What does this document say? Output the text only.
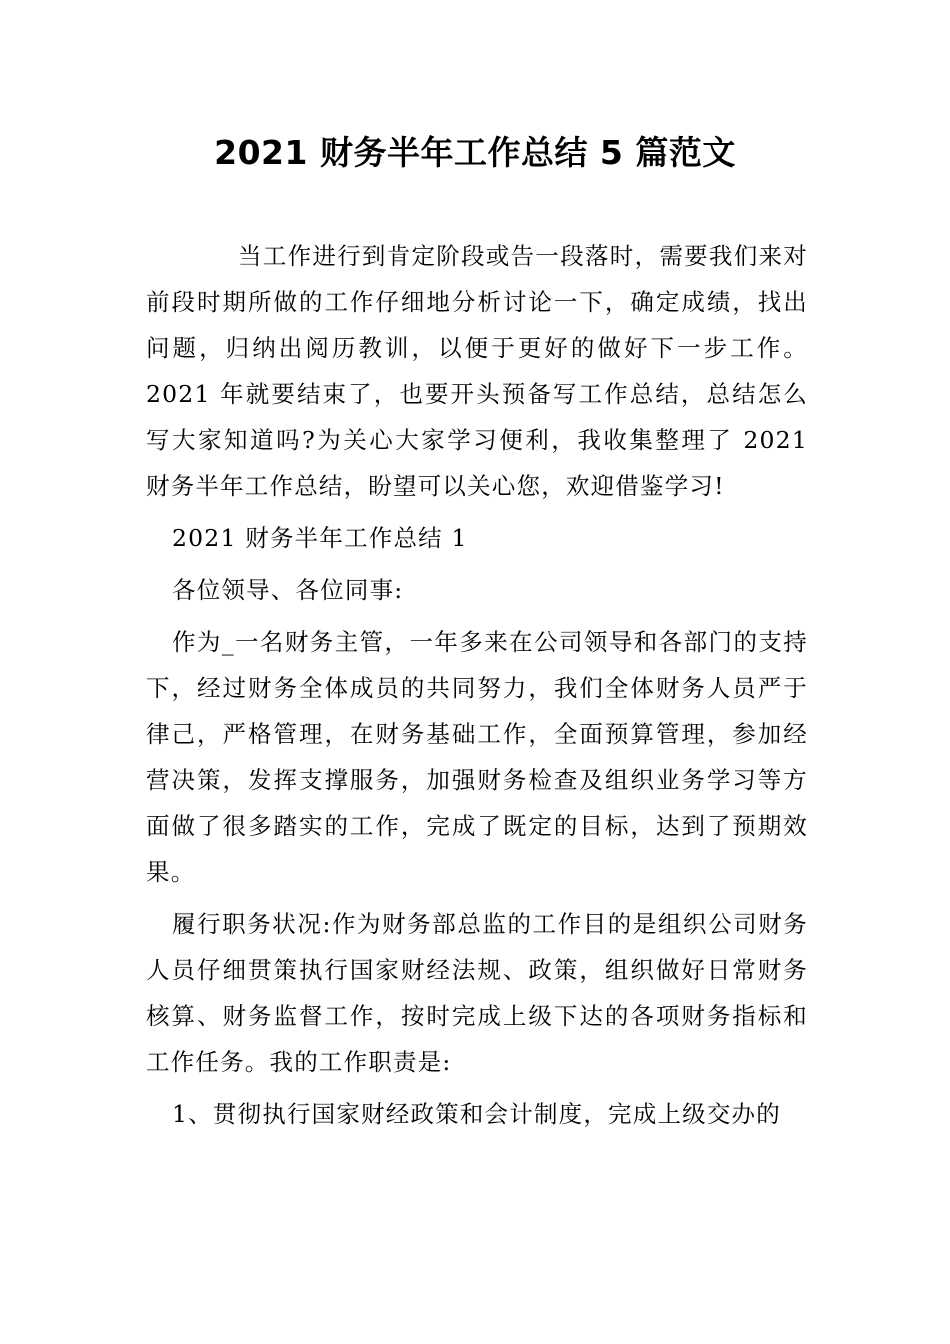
2021 财务半年工作总结 5 篇范文

当工作进行到肯定阶段或告一段落时，需要我们来对前段时期所做的工作仔细地分析讨论一下，确定成绩，找出问题，归纳出阅历教训，以便于更好的做好下一步工作。2021 年就要结束了，也要开头预备写工作总结，总结怎么写大家知道吗?为关心大家学习便利，我收集整理了 2021 财务半年工作总结，盼望可以关心您，欢迎借鉴学习!

2021 财务半年工作总结 1

各位领导、各位同事:

作为_一名财务主管，一年多来在公司领导和各部门的支持下，经过财务全体成员的共同努力，我们全体财务人员严于律己，严格管理，在财务基础工作，全面预算管理，参加经营决策，发挥支撑服务，加强财务检查及组织业务学习等方面做了很多踏实的工作，完成了既定的目标，达到了预期效果。

履行职务状况:作为财务部总监的工作目的是组织公司财务人员仔细贯策执行国家财经法规、政策，组织做好日常财务核算、财务监督工作，按时完成上级下达的各项财务指标和工作任务。我的工作职责是:

1、贯彻执行国家财经政策和会计制度，完成上级交办的
